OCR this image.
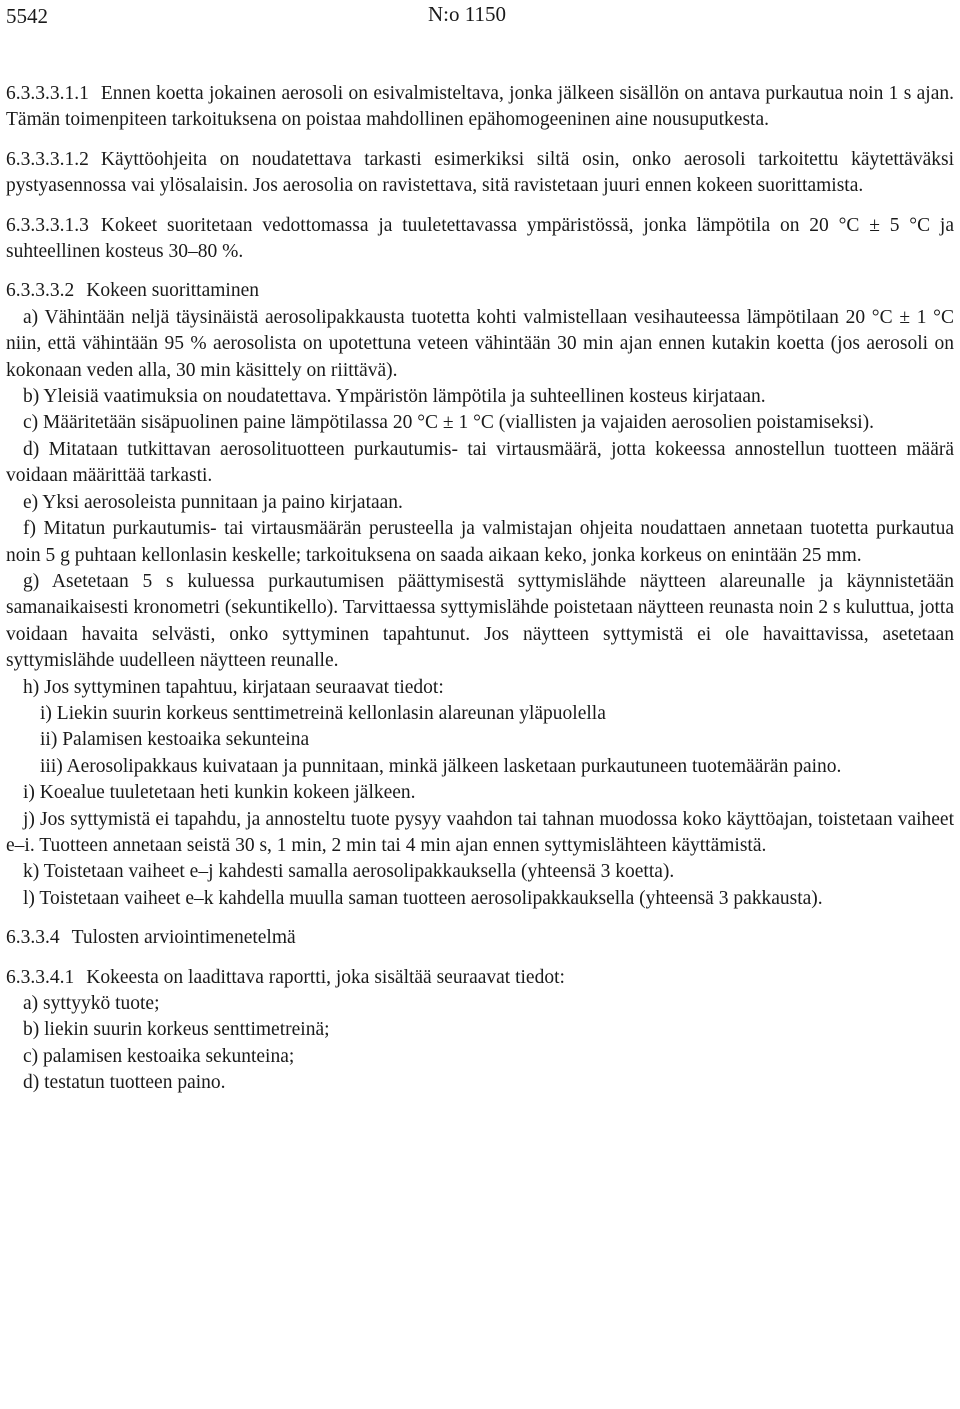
5542	N:o 1150

6.3.3.3.1.1 Ennen koetta jokainen aerosoli on esivalmisteltava, jonka jälkeen sisällön on antava purkautua noin 1 s ajan. Tämän toimenpiteen tarkoituksena on poistaa mahdollinen epähomogeeninen aine nousuputkesta.

6.3.3.3.1.2 Käyttöohjeita on noudatettava tarkasti esimerkiksi siltä osin, onko aerosoli tarkoitettu käytettäväksi pystyasennossa vai ylösalaisin. Jos aerosolia on ravistettava, sitä ravistetaan juuri ennen kokeen suorittamista.

6.3.3.3.1.3 Kokeet suoritetaan vedottomassa ja tuuletettavassa ympäristössä, jonka lämpötila on 20 °C ± 5 °C ja suhteellinen kosteus 30–80 %.

6.3.3.3.2 Kokeen suorittaminen

a) Vähintään neljä täysinäistä aerosolipakkausta tuotetta kohti valmistellaan vesihauteessa lämpötilaan 20 °C ± 1 °C niin, että vähintään 95 % aerosolista on upotettuna veteen vähintään 30 min ajan ennen kutakin koetta (jos aerosoli on kokonaan veden alla, 30 min käsittely on riittävä).

b) Yleisiä vaatimuksia on noudatettava. Ympäristön lämpötila ja suhteellinen kosteus kirjataan.

c) Määritetään sisäpuolinen paine lämpötilassa 20 °C ± 1 °C (viallisten ja vajaiden aerosolien poistamiseksi).

d) Mitataan tutkittavan aerosolituotteen purkautumis- tai virtausmäärä, jotta kokeessa annostellun tuotteen määrä voidaan määrittää tarkasti.

e) Yksi aerosoleista punnitaan ja paino kirjataan.

f) Mitatun purkautumis- tai virtausmäärän perusteella ja valmistajan ohjeita noudattaen annetaan tuotetta purkautua noin 5 g puhtaan kellonlasin keskelle; tarkoituksena on saada aikaan keko, jonka korkeus on enintään 25 mm.

g) Asetetaan 5 s kuluessa purkautumisen päättymisestä syttymislähde näytteen alareunalle ja käynnistetään samanaikaisesti kronometri (sekuntikello). Tarvittaessa syttymislähde poistetaan näytteen reunasta noin 2 s kuluttua, jotta voidaan havaita selvästi, onko syttyminen tapahtunut. Jos näytteen syttymistä ei ole havaittavissa, asetetaan syttymislähde uudelleen näytteen reunalle.

h) Jos syttyminen tapahtuu, kirjataan seuraavat tiedot:

i) Liekin suurin korkeus senttimetreinä kellonlasin alareunan yläpuolella

ii) Palamisen kestoaika sekunteina

iii) Aerosolipakkaus kuivataan ja punnitaan, minkä jälkeen lasketaan purkautuneen tuotemäärän paino.

i) Koealue tuuletetaan heti kunkin kokeen jälkeen.

j) Jos syttymistä ei tapahdu, ja annosteltu tuote pysyy vaahdon tai tahnan muodossa koko käyttöajan, toistetaan vaiheet e–i. Tuotteen annetaan seistä 30 s, 1 min, 2 min tai 4 min ajan ennen syttymislähteen käyttämistä.

k) Toistetaan vaiheet e–j kahdesti samalla aerosolipakkauksella (yhteensä 3 koetta).

l) Toistetaan vaiheet e–k kahdella muulla saman tuotteen aerosolipakkauksella (yhteensä 3 pakkausta).

6.3.3.4 Tulosten arviointimenetelmä

6.3.3.4.1 Kokeesta on laadittava raportti, joka sisältää seuraavat tiedot:

a) syttyykö tuote;

b) liekin suurin korkeus senttimetreinä;

c) palamisen kestoaika sekunteina;

d) testatun tuotteen paino.
